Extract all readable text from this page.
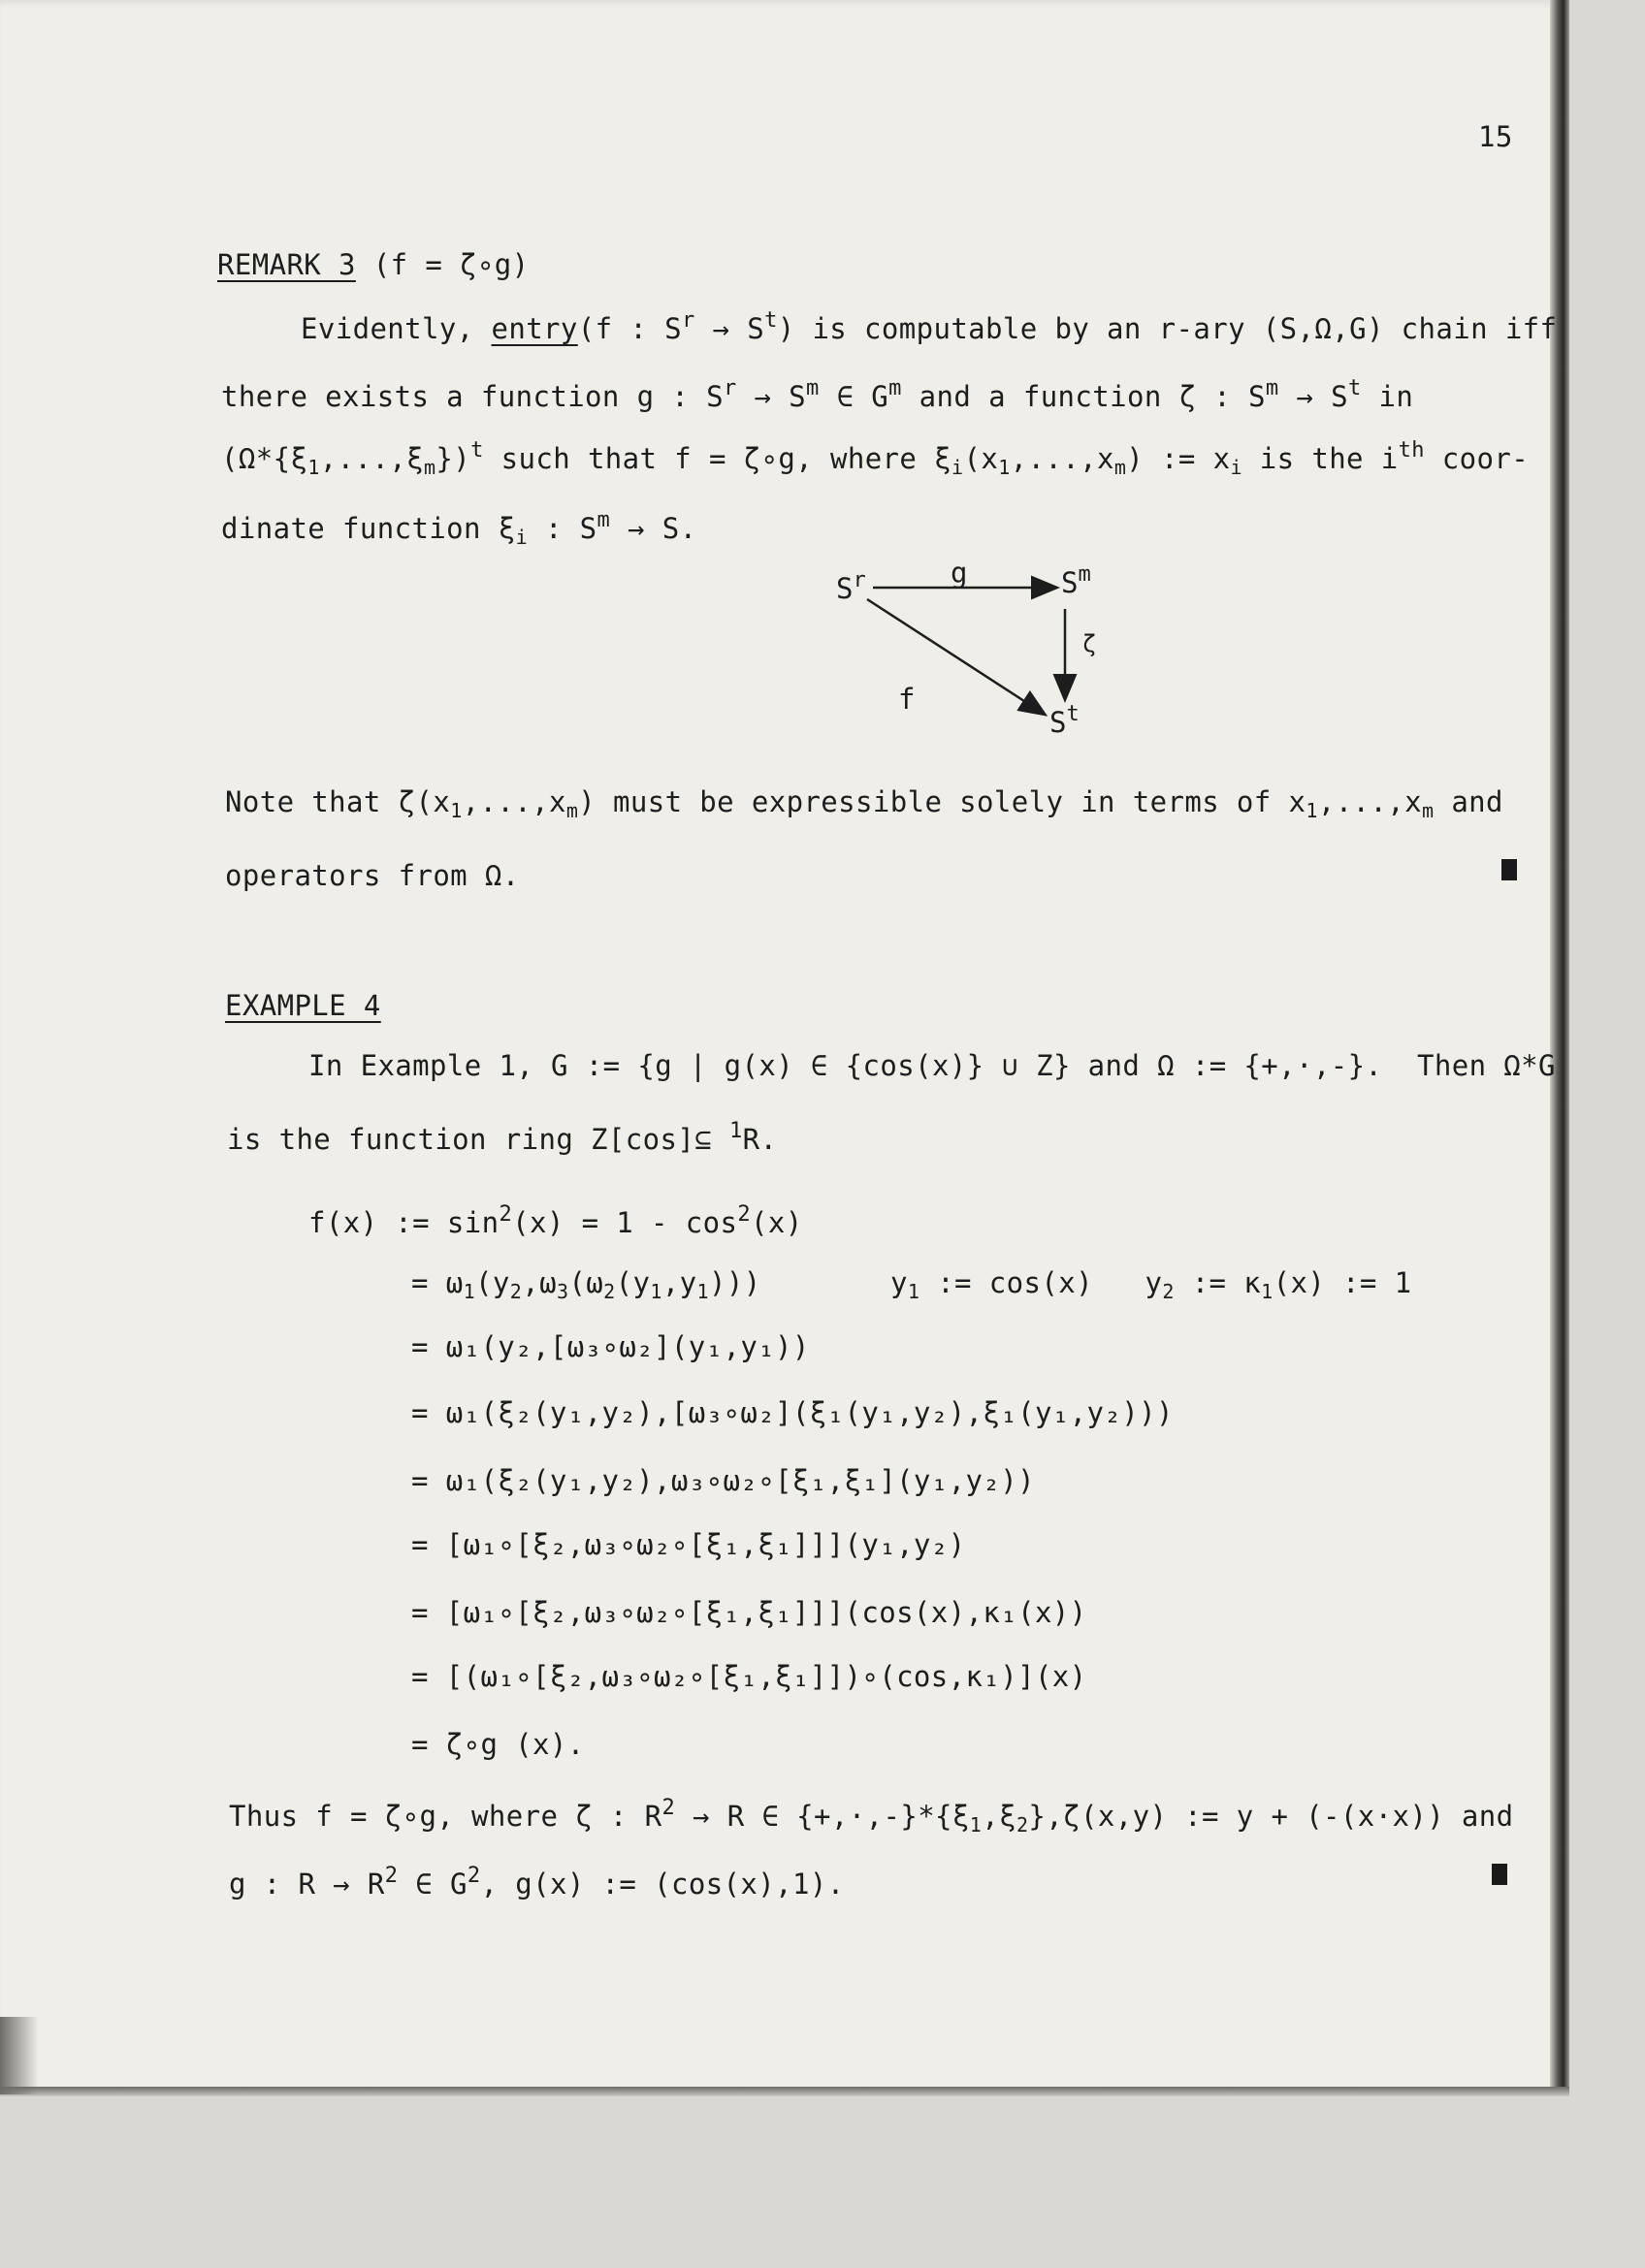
15
REMARK 3 (f = ζ∘g)
Evidently, entry(f : $S^r \to S^t$) is computable by an r-ary (S,Ω,G) chain iff
there exists a function g : $S^r \to S^m$ ∈ $G^m$ and a function ζ : $S^m \to S^t$ in
$(\Omega*\{\xi_1,...,\xi_m\})^t$ such that f = ζ∘g, where $\xi_i(x_1,...,x_m)$ := $x_i$ is the $i^{th}$ coor-
dinate function $\xi_i$ : $S^m \to S$.
$S^r$	$S^m$
$S^t$
g
f
ζ
Note that $\zeta(x_1,...,x_m)$ must be expressible solely in terms of $x_1,...,x_m$ and
operators from Ω.
EXAMPLE 4
In Example 1, G := {g | g(x) ∈ {cos(x)} ∪ Z} and Ω := {+,·,-}.  Then Ω*G
is the function ring Z[cos]⊆ $^1$R.
f(x) := $\sin^2(x) = 1 - \cos^2(x)$
= $\omega_1(y_2,\omega_3(\omega_2(y_1,y_1)))$	$y_1$ := cos(x)   $y_2$ := $\kappa_1(x)$ := 1
= ω₁(y₂,[ω₃∘ω₂](y₁,y₁))
= ω₁(ξ₂(y₁,y₂),[ω₃∘ω₂](ξ₁(y₁,y₂),ξ₁(y₁,y₂)))
= ω₁(ξ₂(y₁,y₂),ω₃∘ω₂∘[ξ₁,ξ₁](y₁,y₂))
= [ω₁∘[ξ₂,ω₃∘ω₂∘[ξ₁,ξ₁]]](y₁,y₂)
= [ω₁∘[ξ₂,ω₃∘ω₂∘[ξ₁,ξ₁]]](cos(x),κ₁(x))
= [(ω₁∘[ξ₂,ω₃∘ω₂∘[ξ₁,ξ₁]])∘(cos,κ₁)](x)
= ζ∘g (x).
Thus f = ζ∘g, where ζ : $R^2 \to R$ ∈ $\{+,\cdot,-\}*\{\xi_1,\xi_2\},\zeta(x,y)$ := y + (-(x·x)) and
g : $R \to R^2$ ∈ $G^2$, g(x) := (cos(x),1).
